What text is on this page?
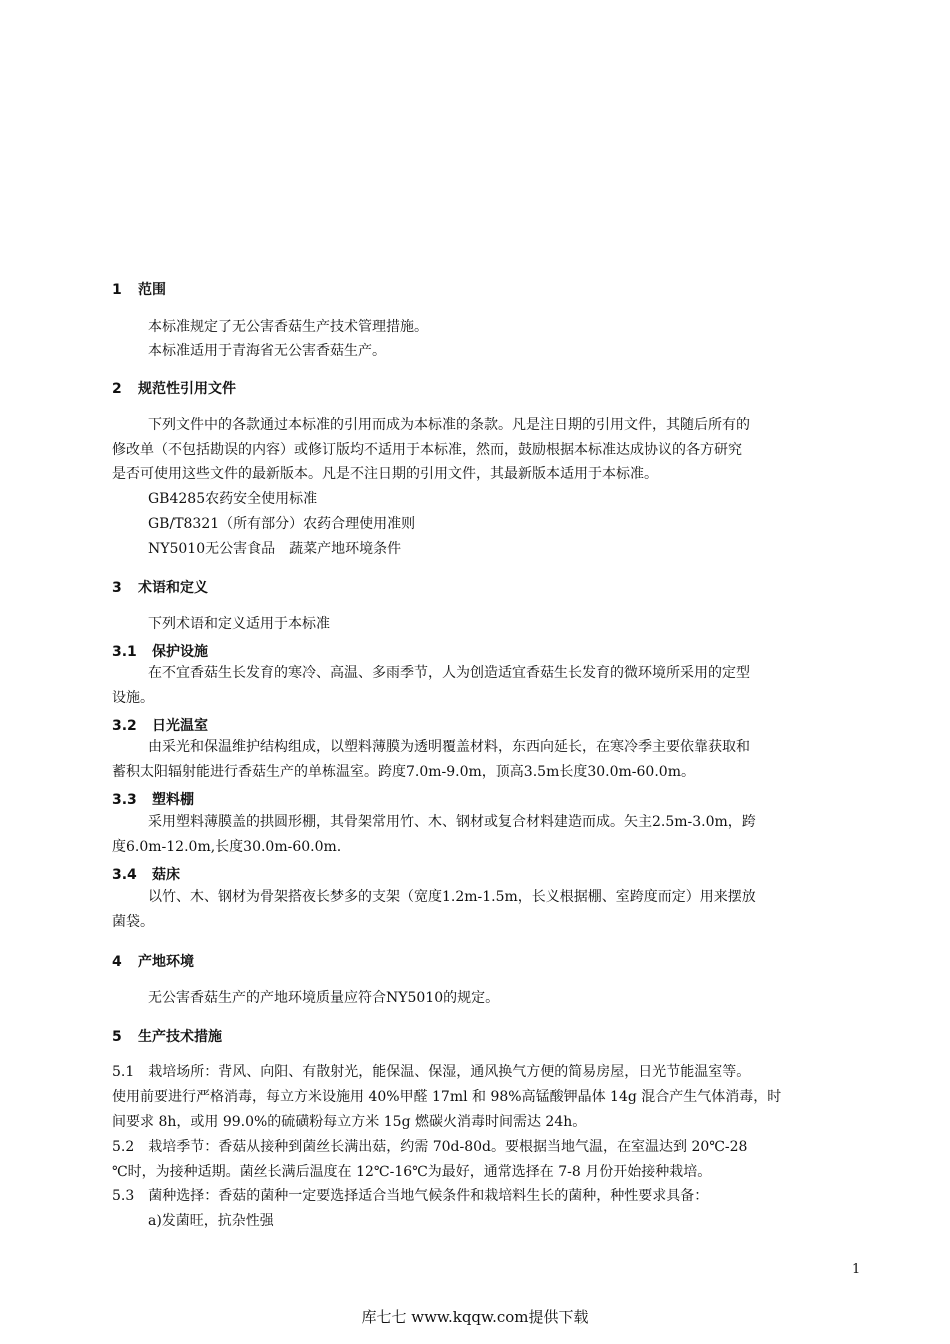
1 范围
本标准规定了无公害香菇生产技术管理措施。
本标准适用于青海省无公害香菇生产。
2 规范性引用文件
下列文件中的各款通过本标准的引用而成为本标准的条款。凡是注日期的引用文件，其随后所有的
修改单（不包括勘误的内容）或修订版均不适用于本标准，然而，鼓励根据本标准达成协议的各方研究
是否可使用这些文件的最新版本。凡是不注日期的引用文件，其最新版本适用于本标准。
GB4285农药安全使用标准
GB/T8321（所有部分）农药合理使用准则
NY5010无公害食品　蔬菜产地环境条件
3 术语和定义
下列术语和定义适用于本标准
3.1 保护设施
在不宜香菇生长发育的寒冷、高温、多雨季节，人为创造适宜香菇生长发育的微环境所采用的定型
设施。
3.2 日光温室
由采光和保温维护结构组成，以塑料薄膜为透明覆盖材料，东西向延长，在寒冷季主要依靠获取和
蓄积太阳辐射能进行香菇生产的单栋温室。跨度7.0m-9.0m，顶高3.5m长度30.0m-60.0m。
3.3 塑料棚
采用塑料薄膜盖的拱圆形棚，其骨架常用竹、木、钢材或复合材料建造而成。矢主2.5m-3.0m，跨
度6.0m-12.0m,长度30.0m-60.0m.
3.4 菇床
以竹、木、钢材为骨架搭夜长梦多的支架（宽度1.2m-1.5m，长义根据棚、室跨度而定）用来摆放
菌袋。
4 产地环境
无公害香菇生产的产地环境质量应符合NY5010的规定。
5 生产技术措施
5.1　栽培场所：背风、向阳、有散射光，能保温、保湿，通风换气方便的简易房屋，日光节能温室等。
使用前要进行严格消毒，每立方米设施用 40%甲醛 17ml 和 98%高锰酸钾晶体 14g 混合产生气体消毒，时
间要求 8h，或用 99.0%的硫磺粉每立方米 15g 燃碳火消毒时间需达 24h。
5.2　栽培季节：香菇从接种到菌丝长满出菇，约需 70d-80d。要根据当地气温，在室温达到 20℃-28
℃时，为接种适期。菌丝长满后温度在 12℃-16℃为最好，通常选择在 7-8 月份开始接种栽培。
5.3　菌种选择：香菇的菌种一定要选择适合当地气候条件和栽培料生长的菌种，种性要求具备：
a)发菌旺，抗杂性强
1
库七七 www.kqqw.com提供下载
